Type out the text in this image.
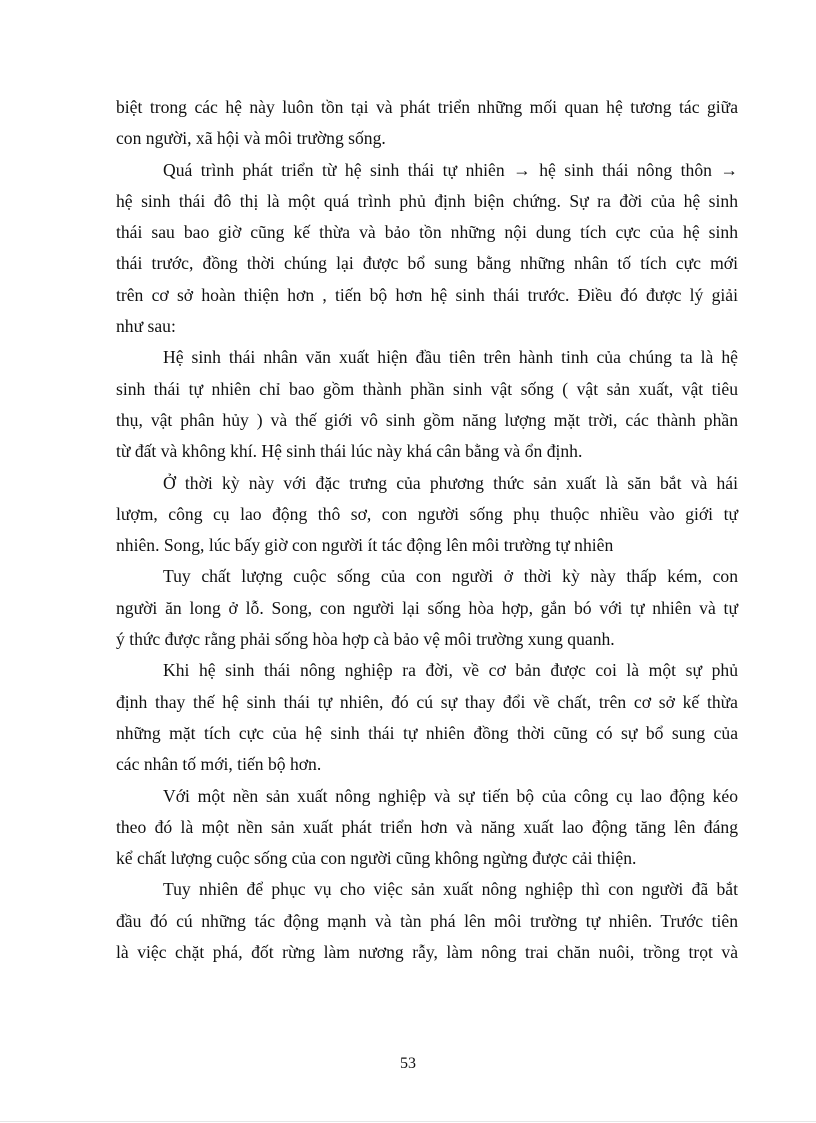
biệt trong các hệ này luôn tồn tại và phát triển những mối quan hệ tương tác giữa
con người, xã hội và môi trường sống.
Quá trình phát triển từ hệ sinh thái tự nhiên → hệ sinh thái nông thôn →
hệ sinh thái đô thị là một quá trình phủ định biện chứng. Sự ra đời của hệ sinh
thái sau bao giờ cũng kế thừa và bảo tồn những nội dung tích cực của hệ sinh
thái trước, đồng thời chúng lại được bổ sung bằng những nhân tố tích cực mới
trên cơ sở hoàn thiện hơn , tiến bộ hơn hệ sinh thái trước. Điều đó được lý giải
như sau:
Hệ sinh thái nhân văn xuất hiện đầu tiên trên hành tinh của chúng ta là hệ
sinh thái tự nhiên chỉ bao gồm thành phần sinh vật sống ( vật sản xuất, vật tiêu
thụ, vật phân hủy ) và thế giới vô sinh gồm năng lượng mặt trời, các thành phần
từ đất và không khí. Hệ sinh thái lúc này khá cân bằng và ổn định.
Ở thời kỳ này với đặc trưng của phương thức sản xuất là săn bắt và hái
lượm, công cụ lao động thô sơ, con người sống phụ thuộc nhiều vào giới tự
nhiên. Song, lúc bấy giờ con người ít tác động lên môi trường tự nhiên
Tuy chất lượng cuộc sống của con người ở thời kỳ này thấp kém, con
người ăn long ở lỗ. Song, con người lại sống hòa hợp, gắn bó với tự nhiên và tự
ý thức được rằng phải sống hòa hợp cà bảo vệ môi trường xung quanh.
Khi hệ sinh thái nông nghiệp ra đời, về cơ bản được coi là một sự phủ
định thay thế hệ sinh thái tự nhiên, đó cú sự thay đổi về chất, trên cơ sở kế thừa
những mặt tích cực của hệ sinh thái tự nhiên đồng thời cũng có sự bổ sung của
các nhân tố mới, tiến bộ hơn.
Với một nền sản xuất nông nghiệp và sự tiến bộ của công cụ lao động kéo
theo đó là một nền sản xuất phát triển hơn và năng xuất lao động tăng lên đáng
kể chất lượng cuộc sống của con người cũng không ngừng được cải thiện.
Tuy nhiên để phục vụ cho việc sản xuất nông nghiệp thì con người đã bắt
đầu đó cú những tác động mạnh và tàn phá lên môi trường tự nhiên. Trước tiên
là việc chặt phá, đốt rừng làm nương rẫy, làm nông trai chăn nuôi, trồng trọt và
53
